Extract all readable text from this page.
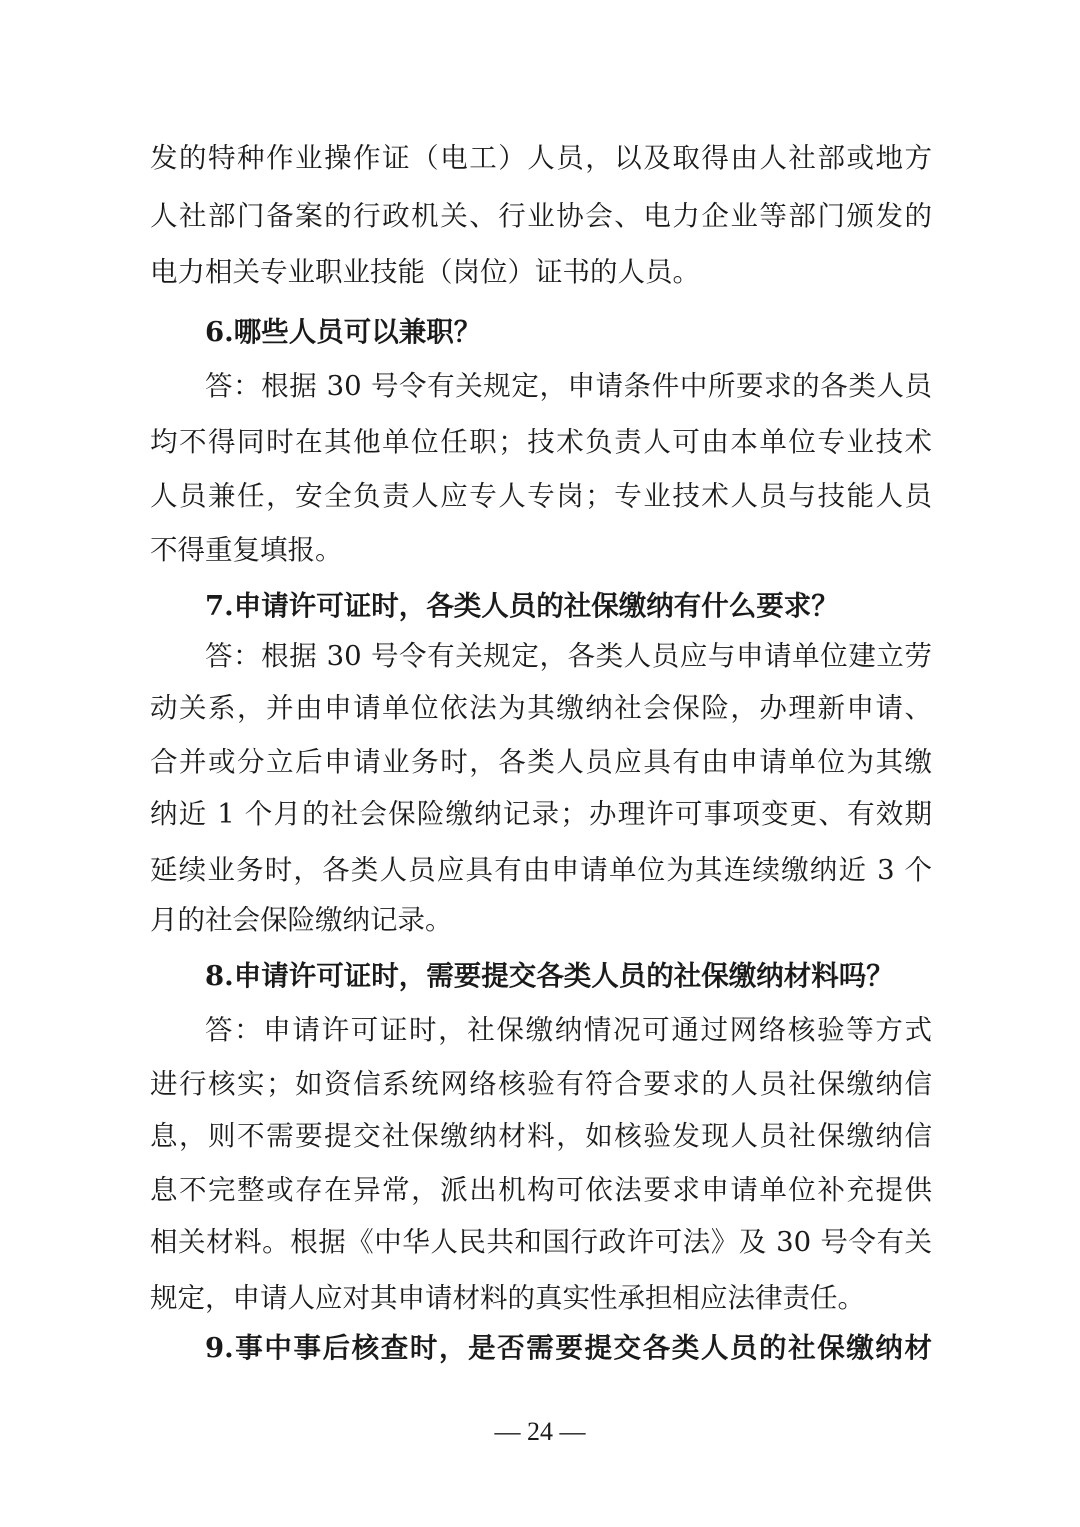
发的特种作业操作证（电工）人员，以及取得由人社部或地方
人社部门备案的行政机关、行业协会、电力企业等部门颁发的
电力相关专业职业技能（岗位）证书的人员。
6.哪些人员可以兼职？
答：根据 30 号令有关规定，申请条件中所要求的各类人员
均不得同时在其他单位任职；技术负责人可由本单位专业技术
人员兼任，安全负责人应专人专岗；专业技术人员与技能人员
不得重复填报。
7.申请许可证时，各类人员的社保缴纳有什么要求？
答：根据 30 号令有关规定，各类人员应与申请单位建立劳
动关系，并由申请单位依法为其缴纳社会保险，办理新申请、
合并或分立后申请业务时，各类人员应具有由申请单位为其缴
纳近 1 个月的社会保险缴纳记录；办理许可事项变更、有效期
延续业务时，各类人员应具有由申请单位为其连续缴纳近 3 个
月的社会保险缴纳记录。
8.申请许可证时，需要提交各类人员的社保缴纳材料吗？
答：申请许可证时，社保缴纳情况可通过网络核验等方式
进行核实；如资信系统网络核验有符合要求的人员社保缴纳信
息，则不需要提交社保缴纳材料，如核验发现人员社保缴纳信
息不完整或存在异常，派出机构可依法要求申请单位补充提供
相关材料。根据《中华人民共和国行政许可法》及 30 号令有关
规定，申请人应对其申请材料的真实性承担相应法律责任。
9.事中事后核查时，是否需要提交各类人员的社保缴纳材
— 24 —
